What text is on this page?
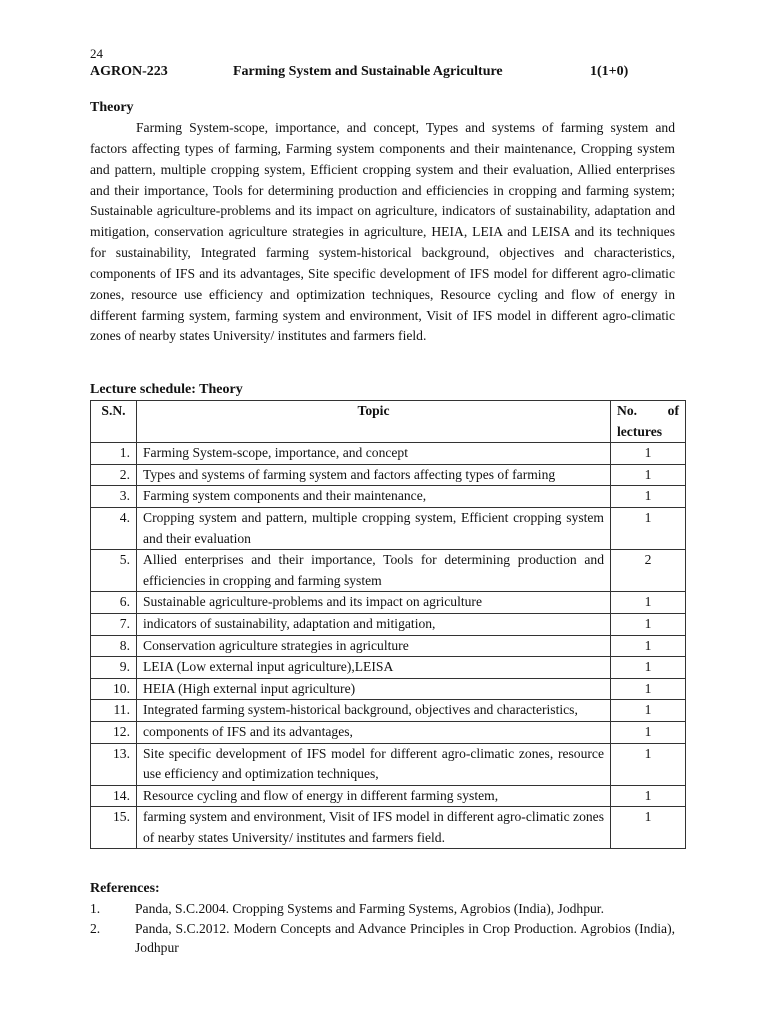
24
AGRON-223	Farming System and Sustainable Agriculture	1(1+0)
Theory

Farming System-scope, importance, and concept, Types and systems of farming system and factors affecting types of farming, Farming system components and their maintenance, Cropping system and pattern, multiple cropping system, Efficient cropping system and their evaluation, Allied enterprises and their importance, Tools for determining production and efficiencies in cropping and farming system; Sustainable agriculture-problems and its impact on agriculture, indicators of sustainability, adaptation and mitigation, conservation agriculture strategies in agriculture, HEIA, LEIA and LEISA and its techniques for sustainability, Integrated farming system-historical background, objectives and characteristics, components of IFS and its advantages, Site specific development of IFS model for different agro-climatic zones, resource use efficiency and optimization techniques, Resource cycling and flow of energy in different farming system, farming system and environment, Visit of IFS model in different agro-climatic zones of nearby states University/ institutes and farmers field.

Lecture schedule: Theory
S.N.	Topic	No. of lectures
1.	Farming System-scope, importance, and concept	1
2.	Types and systems of farming system and factors affecting types of farming	1
3.	Farming system components and their maintenance,	1
4.	Cropping system and pattern, multiple cropping system, Efficient cropping system and their evaluation	1
5.	Allied enterprises and their importance, Tools for determining production and efficiencies in cropping and farming system	2
6.	Sustainable agriculture-problems and its impact on agriculture	1
7.	indicators of sustainability, adaptation and mitigation,	1
8.	Conservation agriculture strategies in agriculture	1
9.	LEIA (Low external input agriculture),LEISA	1
10.	HEIA (High external input agriculture)	1
11.	Integrated farming system-historical background, objectives and characteristics,	1
12.	components of IFS and its advantages,	1
13.	Site specific development of IFS model for different agro-climatic zones, resource use efficiency and optimization techniques,	1
14.	Resource cycling and flow of energy in different farming system,	1
15.	farming system and environment, Visit of IFS model in different agro-climatic zones of nearby states University/ institutes and farmers field.	1
References:
1.	Panda, S.C.2004. Cropping Systems and Farming Systems, Agrobios (India), Jodhpur.
2.	Panda, S.C.2012. Modern Concepts and Advance Principles in Crop Production. Agrobios (India), Jodhpur
